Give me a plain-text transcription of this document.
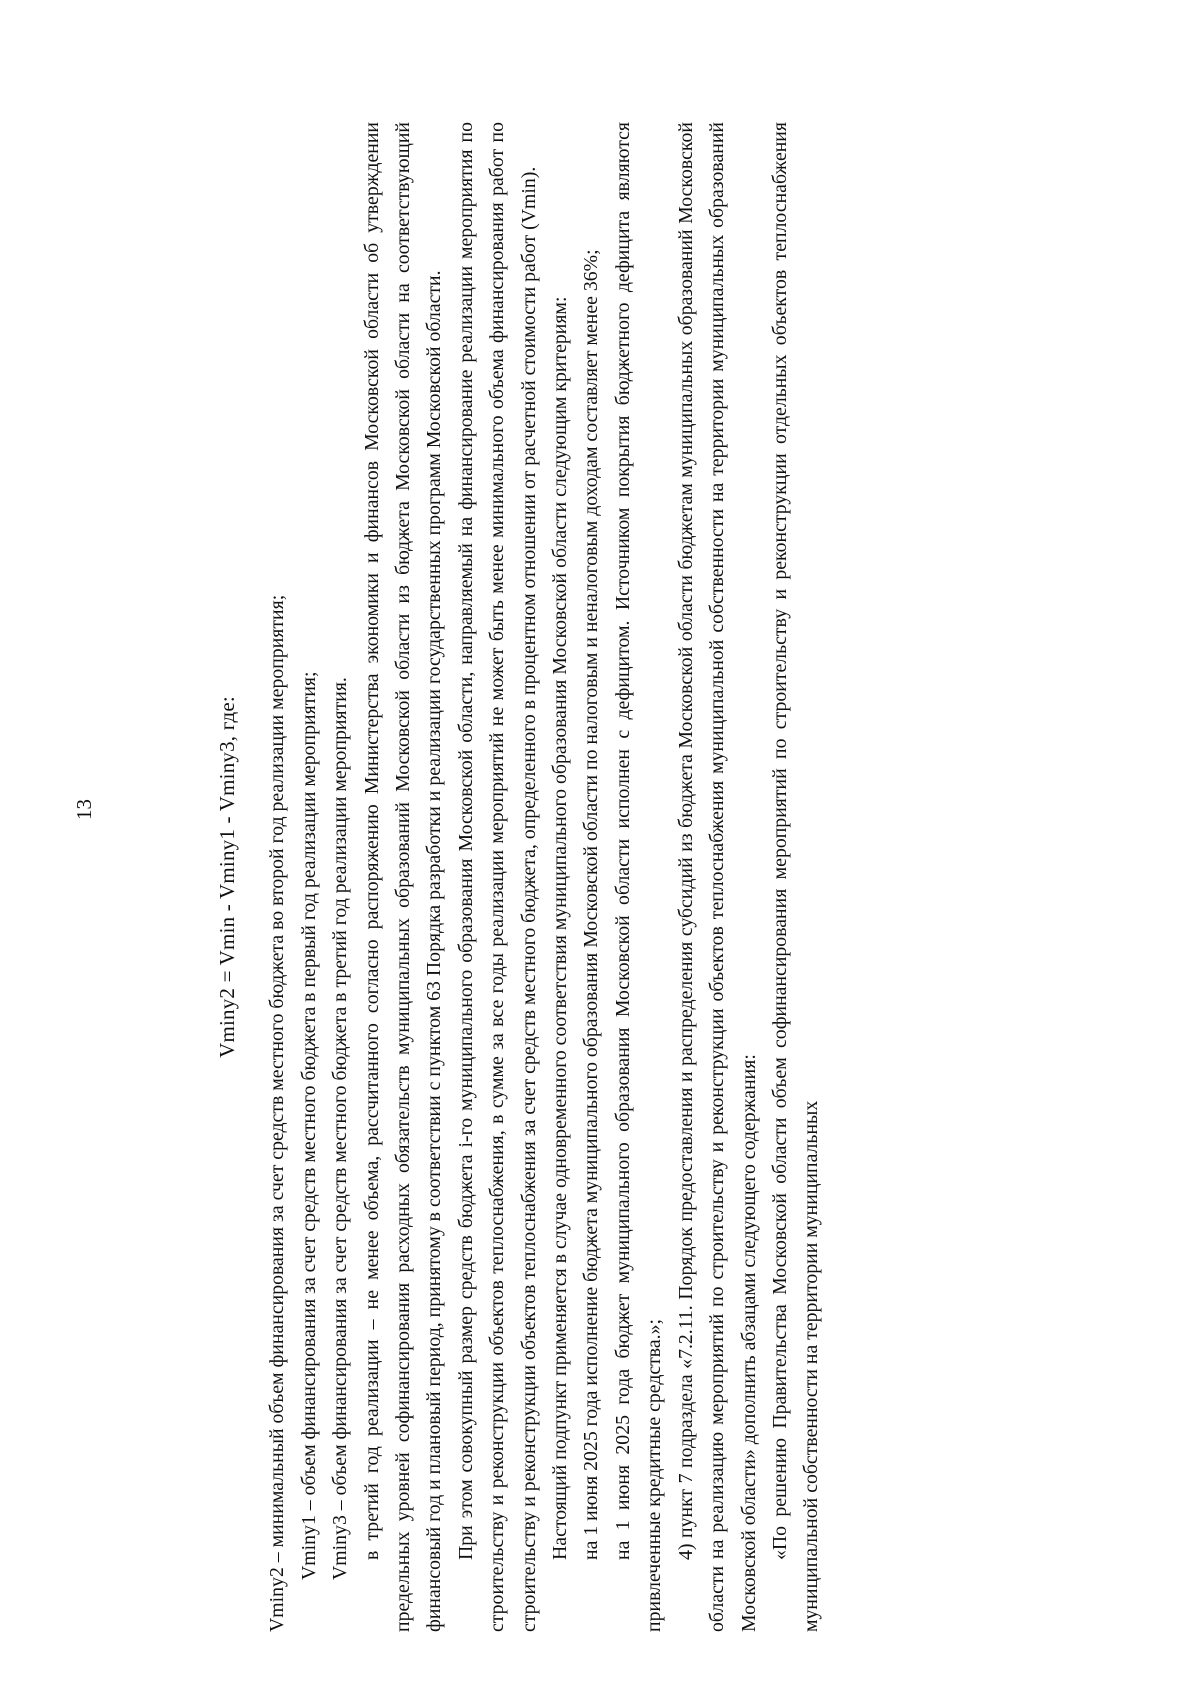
13	Vminy2 = Vmin - Vminy1 - Vminy3, где: Vminy2 – минимальный объем финансирования за счет средств местного бюджета во второй год реализации мероприятия; Vminy1 – объем финансирования за счет средств местного бюджета в первый год реализации мероприятия; Vminy3 – объем финансирования за счет средств местного бюджета в третий год реализации мероприятия. в третий год реализации – не менее объема, рассчитанного согласно распоряжению Министерства экономики и финансов Московской области об утверждении предельных уровней софинансирования расходных обязательств муниципальных образований Московской области из бюджета Московской области на соответствующий финансовый год и плановый период, принятому в соответствии с пунктом 63 Порядка разработки и реализации государственных программ Московской области. При этом совокупный размер средств бюджета i-го муниципального образования Московской области, направляемый на финансирование реализации мероприятия по строительству и реконструкции объектов теплоснабжения, в сумме за все годы реализации мероприятий не может быть менее минимального объема финансирования работ по строительству и реконструкции объектов теплоснабжения за счет средств местного бюджета, определенного в процентном отношении от расчетной стоимости работ (Vmin). Настоящий подпункт применяется в случае одновременного соответствия муниципального образования Московской области следующим критериям: на 1 июня 2025 года исполнение бюджета муниципального образования Московской области по налоговым и неналоговым доходам составляет менее 36%; на 1 июня 2025 года бюджет муниципального образования Московской области исполнен с дефицитом. Источником покрытия бюджетного дефицита являются привлеченные кредитные средства.»; 4) пункт 7 подраздела «7.2.11. Порядок предоставления и распределения субсидий из бюджета Московской области бюджетам муниципальных образований Московской области на реализацию мероприятий по строительству и реконструкции объектов теплоснабжения муниципальной собственности на территории муниципальных образований Московской области» дополнить абзацами следующего содержания: «По решению Правительства Московской области объем софинансирования мероприятий по строительству и реконструкции отдельных объектов теплоснабжения муниципальной собственности на территории муниципальных
